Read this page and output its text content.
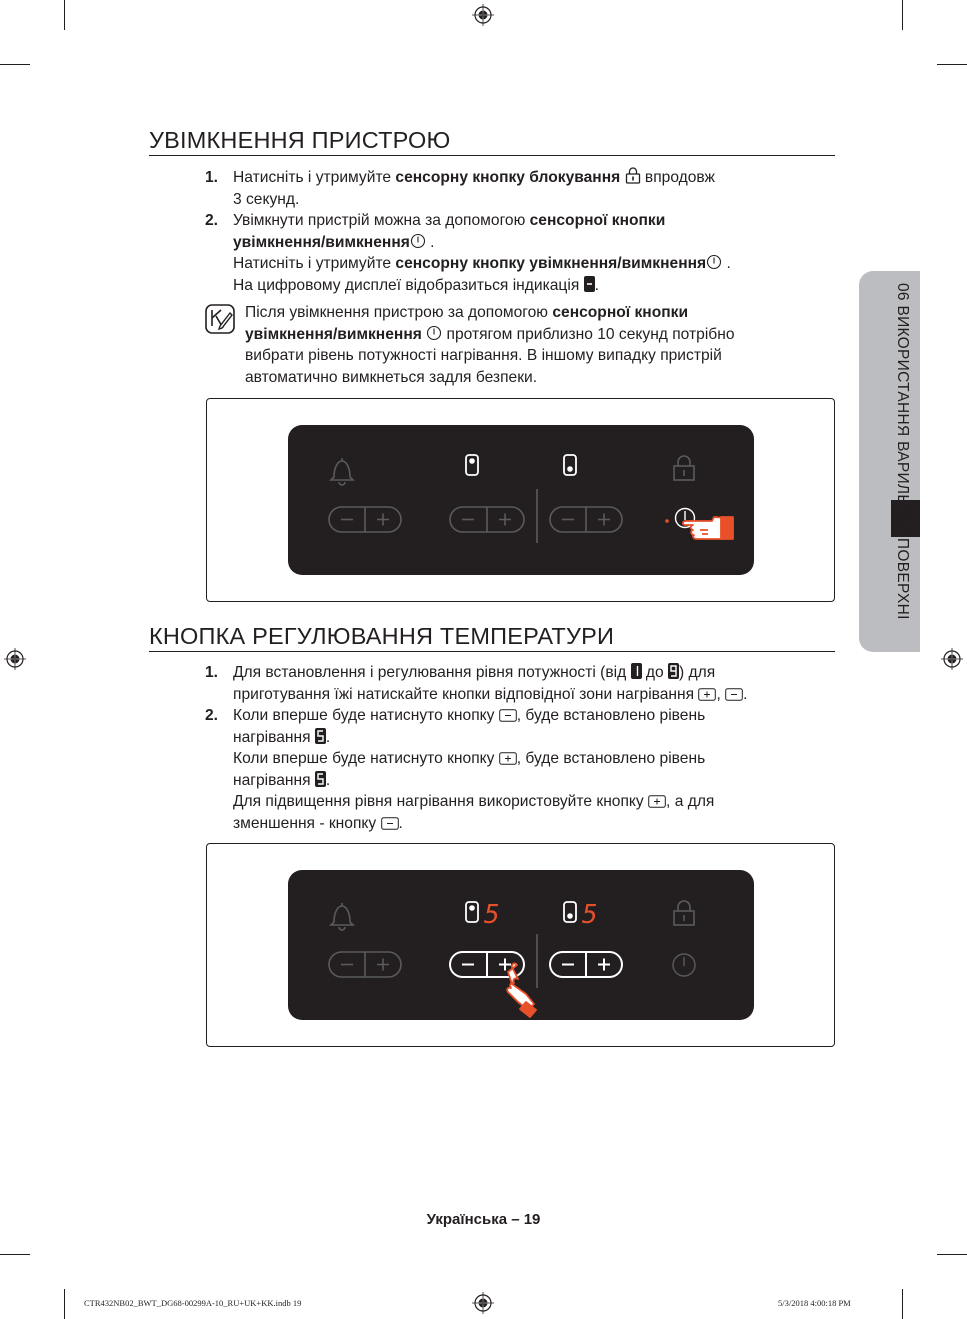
УВІМКНЕННЯ ПРИСТРОЮ
1. Натисніть і утримуйте сенсорну кнопку блокування  впродовж

3 секунд.

2. Увімкнути пристрій можна за допомогою сенсорної кнопки

увімкнення/вимкнення .

Натисніть і утримуйте сенсорну кнопку увімкнення/вимкнення .

На цифровому дисплеї відобразиться індикація .

Після увімкнення пристрою за допомогою сенсорної кнопки

увімкнення/вимкнення  протягом приблизно 10 секунд потрібно

вибрати рівень потужності нагрівання. В іншому випадку пристрій

автоматично вимкнеться задля безпеки.

КНОПКА РЕГУЛЮВАННЯ ТЕМПЕРАТУРИ
1. Для встановлення і регулювання рівня потужності (від  до ) для

приготування їжі натискайте кнопки відповідної зони нагрівання , .

2. Коли вперше буде натиснуто кнопку , буде встановлено рівень

нагрівання .

Коли вперше буде натиснуто кнопку , буде встановлено рівень

нагрівання .

Для підвищення рівня нагрівання використовуйте кнопку , а для

зменшення - кнопку .

5	5
06 ВИКОРИСТАННЯ ВАРИЛЬНОЇ ПОВЕРХНІ
Українська – 19
CTR432NB02_BWT_DG68-00299A-10_RU+UK+KK.indb 19	5/3/2018 4:00:18 PM
